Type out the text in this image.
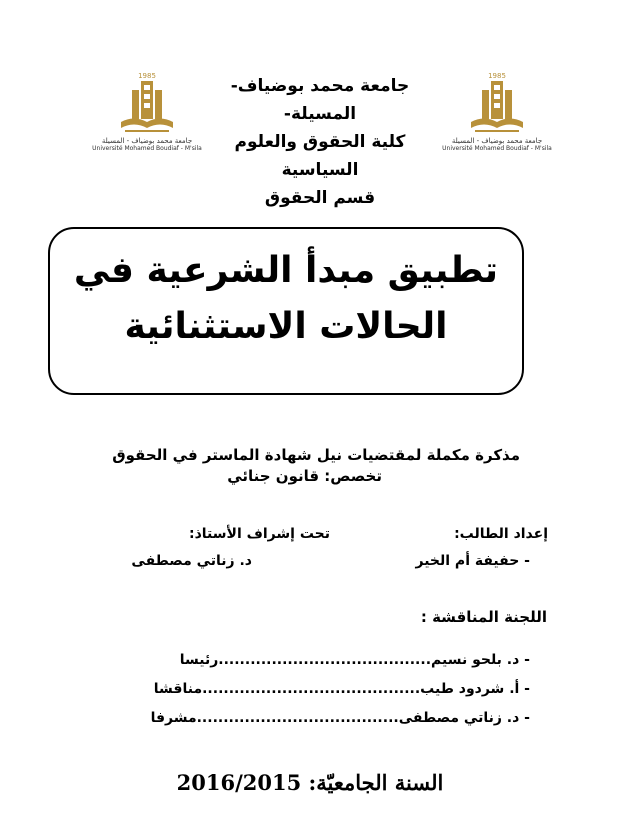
1985
جامعة محمد بوضياف - المسيلة
Université Mohamed Boudiaf - M'sila
1985
جامعة محمد بوضياف - المسيلة
Université Mohamed Boudiaf - M'sila
جامعة محمد بوضياف-المسيلة-
كلية الحقوق والعلوم السياسية
قسم الحقوق
تطبيق مبدأ الشرعية في
الحالات الاستثنائية
مذكرة مكملة لمقتضيات نيل شهادة الماستر في الحقوق
تخصص: قانون جنائي
إعداد الطالب:
تحت إشراف الأستاذ:
- حفيفة أم الخير
د. زناتي مصطفى
اللجنة المناقشة :
- د. بلحو نسيم........................................رئيسا
- أ. شردود طيب.........................................مناقشا
- د. زناتي مصطفى......................................مشرفا
السنة الجامعيّة: 2016/2015
